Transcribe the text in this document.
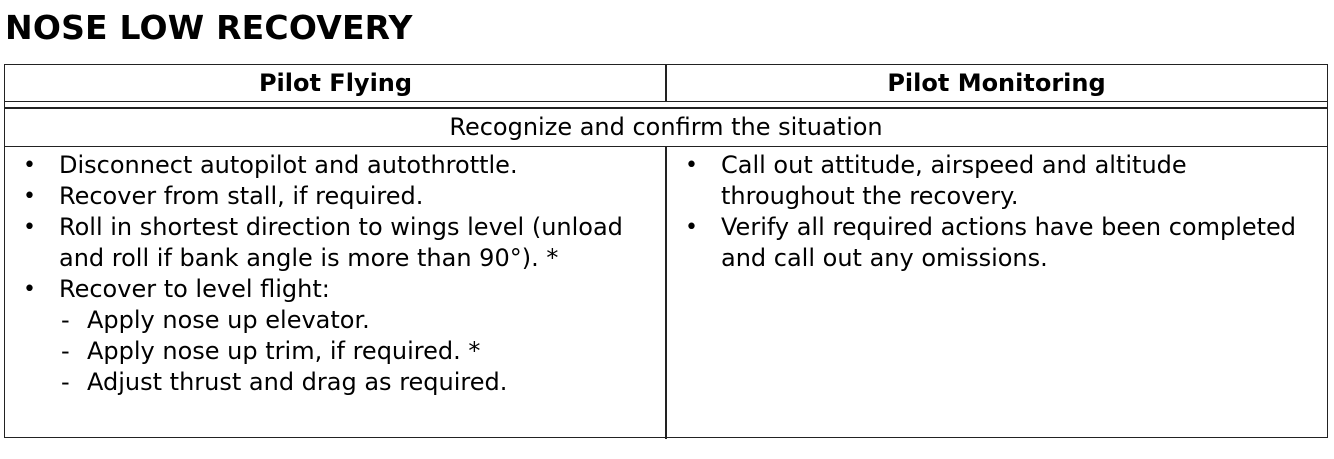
NOSE LOW RECOVERY
Pilot Flying	Pilot Monitoring
Recognize and confirm the situation
• Disconnect autopilot and autothrottle.
• Recover from stall, if required.
• Roll in shortest direction to wings level (unload and roll if bank angle is more than 90°). *
• Recover to level flight:
- Apply nose up elevator.
- Apply nose up trim, if required. *
- Adjust thrust and drag as required.
• Call out attitude, airspeed and altitude throughout the recovery.
• Verify all required actions have been completed and call out any omissions.
